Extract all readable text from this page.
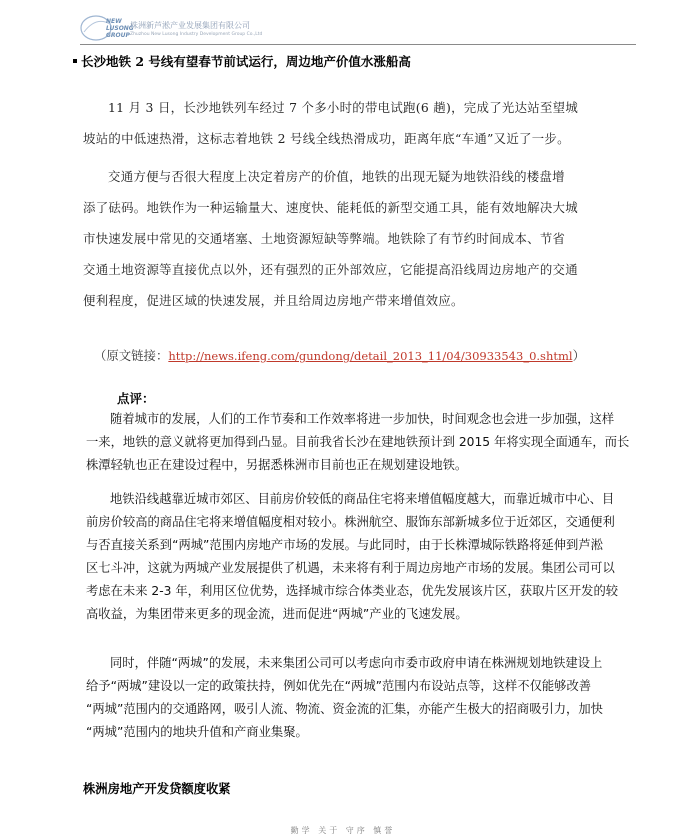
NEW
LUSONG
GROUP
株洲新芦淞产业发展集团有限公司
Zhuzhou New Lusong Industry Development Group Co.,Ltd
长沙地铁 2 号线有望春节前试运行，周边地产价值水涨船高
11 月 3 日，长沙地铁列车经过 7 个多小时的带电试跑(6 趟)，完成了光达站至望城
坡站的中低速热滑，这标志着地铁 2 号线全线热滑成功，距离年底“车通”又近了一步。
交通方便与否很大程度上决定着房产的价值，地铁的出现无疑为地铁沿线的楼盘增
添了砝码。地铁作为一种运输量大、速度快、能耗低的新型交通工具，能有效地解决大城
市快速发展中常见的交通堵塞、土地资源短缺等弊端。地铁除了有节约时间成本、节省
交通土地资源等直接优点以外，还有强烈的正外部效应，它能提高沿线周边房地产的交通
便利程度，促进区域的快速发展，并且给周边房地产带来增值效应。
（原文链接：http://news.ifeng.com/gundong/detail_2013_11/04/30933543_0.shtml）
点评：
随着城市的发展，人们的工作节奏和工作效率将进一步加快，时间观念也会进一步加强，这样
一来，地铁的意义就将更加得到凸显。目前我省长沙在建地铁预计到 2015 年将实现全面通车，而长
株潭轻轨也正在建设过程中，另据悉株洲市目前也正在规划建设地铁。
地铁沿线越靠近城市郊区、目前房价较低的商品住宅将来增值幅度越大，而靠近城市中心、目
前房价较高的商品住宅将来增值幅度相对较小。株洲航空、服饰东部新城多位于近郊区，交通便利
与否直接关系到“两城”范围内房地产市场的发展。与此同时，由于长株潭城际铁路将延伸到芦淞
区七斗冲，这就为两城产业发展提供了机遇，未来将有利于周边房地产市场的发展。集团公司可以
考虑在未来 2-3 年，利用区位优势，选择城市综合体类业态，优先发展该片区，获取片区开发的较
高收益，为集团带来更多的现金流，进而促进“两城”产业的飞速发展。
同时，伴随“两城”的发展，未来集团公司可以考虑向市委市政府申请在株洲规划地铁建设上
给予“两城”建设以一定的政策扶持，例如优先在“两城”范围内布设站点等，这样不仅能够改善
“两城”范围内的交通路网，吸引人流、物流、资金流的汇集，亦能产生极大的招商吸引力，加快
“两城”范围内的地块升值和产商业集聚。
株洲房地产开发贷额度收紧
勤学 关于 守序 慎誉
